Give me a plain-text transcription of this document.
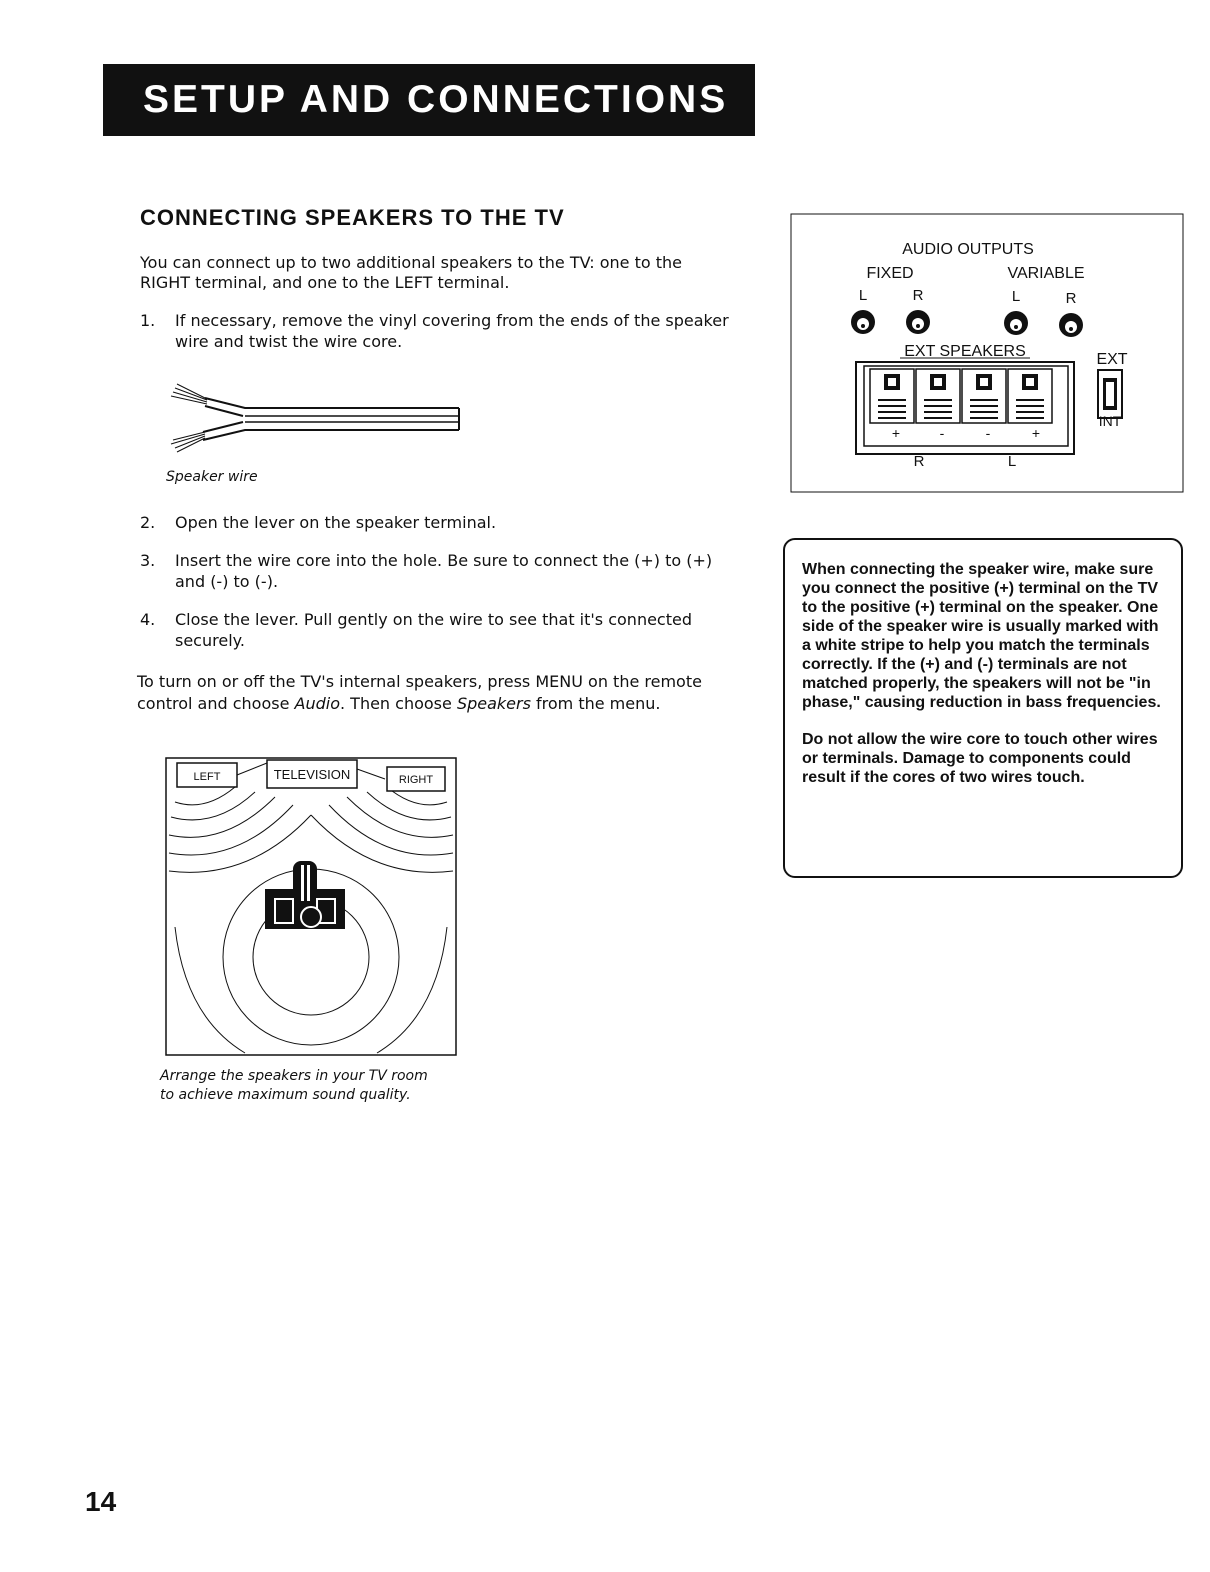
SETUP AND CONNECTIONS
CONNECTING SPEAKERS TO THE TV
You can connect up to two additional speakers to the TV: one to the
RIGHT terminal, and one to the LEFT terminal.
1. If necessary, remove the vinyl covering from the ends of the speaker
wire and twist the wire core.
Speaker wire
2. Open the lever on the speaker terminal.
3. Insert the wire core into the hole. Be sure to connect the (+) to (+)
and (-) to (-).
4. Close the lever. Pull gently on the wire to see that it's connected
securely.
To turn on or off the TV's internal speakers, press MENU on the remote
control and choose Audio. Then choose Speakers from the menu.
LEFT	TELEVISION	RIGHT
Arrange the speakers in your TV room
to achieve maximum sound quality.
AUDIO OUTPUTS
FIXED	VARIABLE
L	R	L	R
EXT SPEAKERS	EXT
+	-	-	+
R	L
INT

When connecting the speaker wire, make sure you connect the positive (+) terminal on the TV to the positive (+) terminal on the speaker. One side of the speaker wire is usually marked with a white stripe to help you match the terminals correctly. If the (+) and (-) terminals are not matched properly, the speakers will not be "in phase," causing reduction in bass frequencies.

Do not allow the wire core to touch other wires or terminals. Damage to components could result if the cores of two wires touch.

14
